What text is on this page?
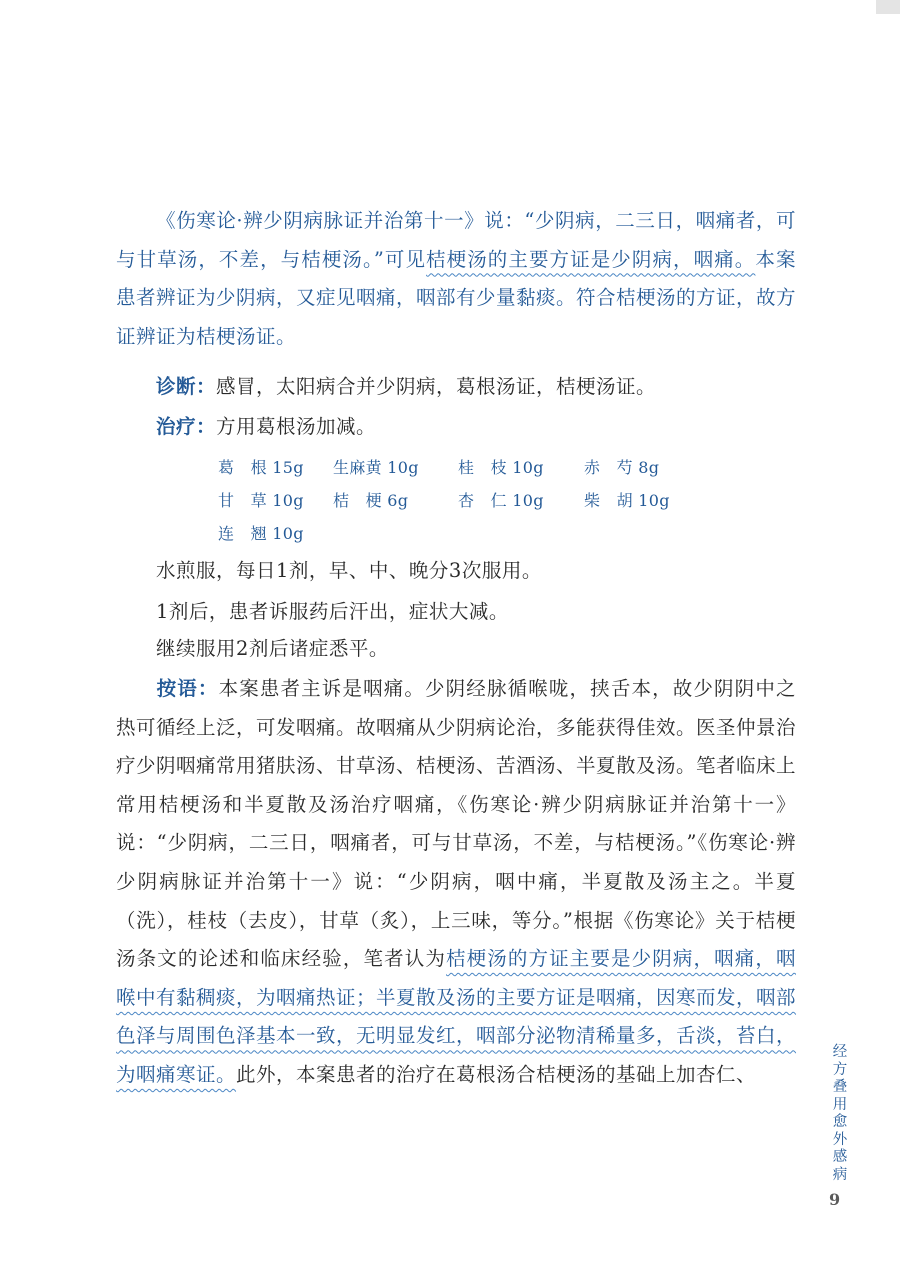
《伤寒论·辨少阴病脉证并治第十一》说：“少阴病，二三日，咽痛者，可与甘草汤，不差，与桔梗汤。”可见桔梗汤的主要方证是少阴病，咽痛。本案患者辨证为少阴病，又症见咽痛，咽部有少量黏痰。符合桔梗汤的方证，故方证辨证为桔梗汤证。

诊断：感冒，太阳病合并少阴病，葛根汤证，桔梗汤证。

治疗：方用葛根汤加减。

葛　根 15g 生麻黄 10g 桂　枝 10g	赤　芍 8g
甘　草 10g 桔　梗 6g	杏　仁 10g	柴　胡 10g
连　翘 10g

水煎服，每日1剂，早、中、晚分3次服用。

1剂后，患者诉服药后汗出，症状大减。

继续服用2剂后诸症悉平。

按语：本案患者主诉是咽痛。少阴经脉循喉咙，挟舌本，故少阴阴中之热可循经上泛，可发咽痛。故咽痛从少阴病论治，多能获得佳效。医圣仲景治疗少阴咽痛常用猪肤汤、甘草汤、桔梗汤、苦酒汤、半夏散及汤。笔者临床上常用桔梗汤和半夏散及汤治疗咽痛，《伤寒论·辨少阴病脉证并治第十一》说：“少阴病，二三日，咽痛者，可与甘草汤，不差，与桔梗汤。”《伤寒论·辨少阴病脉证并治第十一》说：“少阴病，咽中痛，半夏散及汤主之。半夏（洗），桂枝（去皮），甘草（炙），上三味，等分。”根据《伤寒论》关于桔梗汤条文的论述和临床经验，笔者认为桔梗汤的方证主要是少阴病，咽痛，咽喉中有黏稠痰，为咽痛热证；半夏散及汤的主要方证是咽痛，因寒而发，咽部色泽与周围色泽基本一致，无明显发红，咽部分泌物清稀量多，舌淡，苔白，为咽痛寒证。此外，本案患者的治疗在葛根汤合桔梗汤的基础上加杏仁、

经
方
叠
用
愈
外
感
病
9
